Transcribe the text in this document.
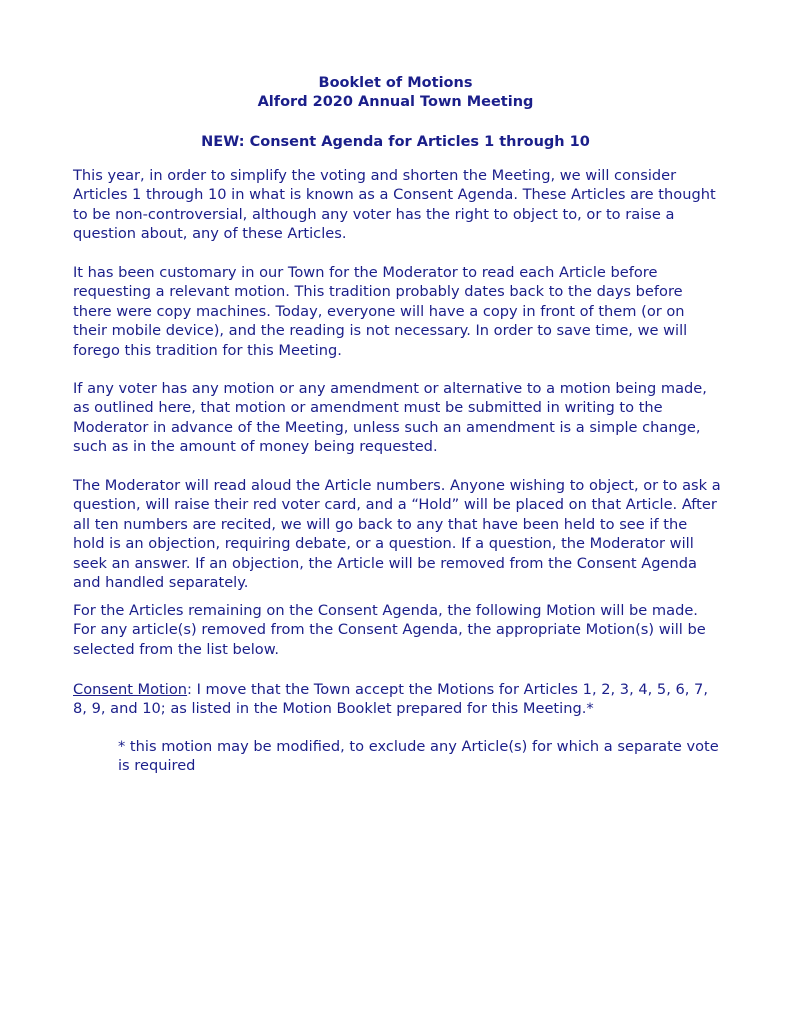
Booklet of Motions
Alford 2020 Annual Town Meeting
NEW: Consent Agenda for Articles 1 through 10

This year, in order to simplify the voting and shorten the Meeting, we will consider Articles 1 through 10 in what is known as a Consent Agenda. These Articles are thought to be non-controversial, although any voter has the right to object to, or to raise a question about, any of these Articles.

It has been customary in our Town for the Moderator to read each Article before requesting a relevant motion. This tradition probably dates back to the days before there were copy machines. Today, everyone will have a copy in front of them (or on their mobile device), and the reading is not necessary. In order to save time, we will forego this tradition for this Meeting.

If any voter has any motion or any amendment or alternative to a motion being made, as outlined here, that motion or amendment must be submitted in writing to the Moderator in advance of the Meeting, unless such an amendment is a simple change, such as in the amount of money being requested.

The Moderator will read aloud the Article numbers. Anyone wishing to object, or to ask a question, will raise their red voter card, and a “Hold” will be placed on that Article. After all ten numbers are recited, we will go back to any that have been held to see if the hold is an objection, requiring debate, or a question. If a question, the Moderator will seek an answer. If an objection, the Article will be removed from the Consent Agenda and handled separately.

For the Articles remaining on the Consent Agenda, the following Motion will be made. For any article(s) removed from the Consent Agenda, the appropriate Motion(s) will be selected from the list below.

Consent Motion: I move that the Town accept the Motions for Articles 1, 2, 3, 4, 5, 6, 7, 8, 9, and 10; as listed in the Motion Booklet prepared for this Meeting.*

* this motion may be modified, to exclude any Article(s) for which a separate vote is required
